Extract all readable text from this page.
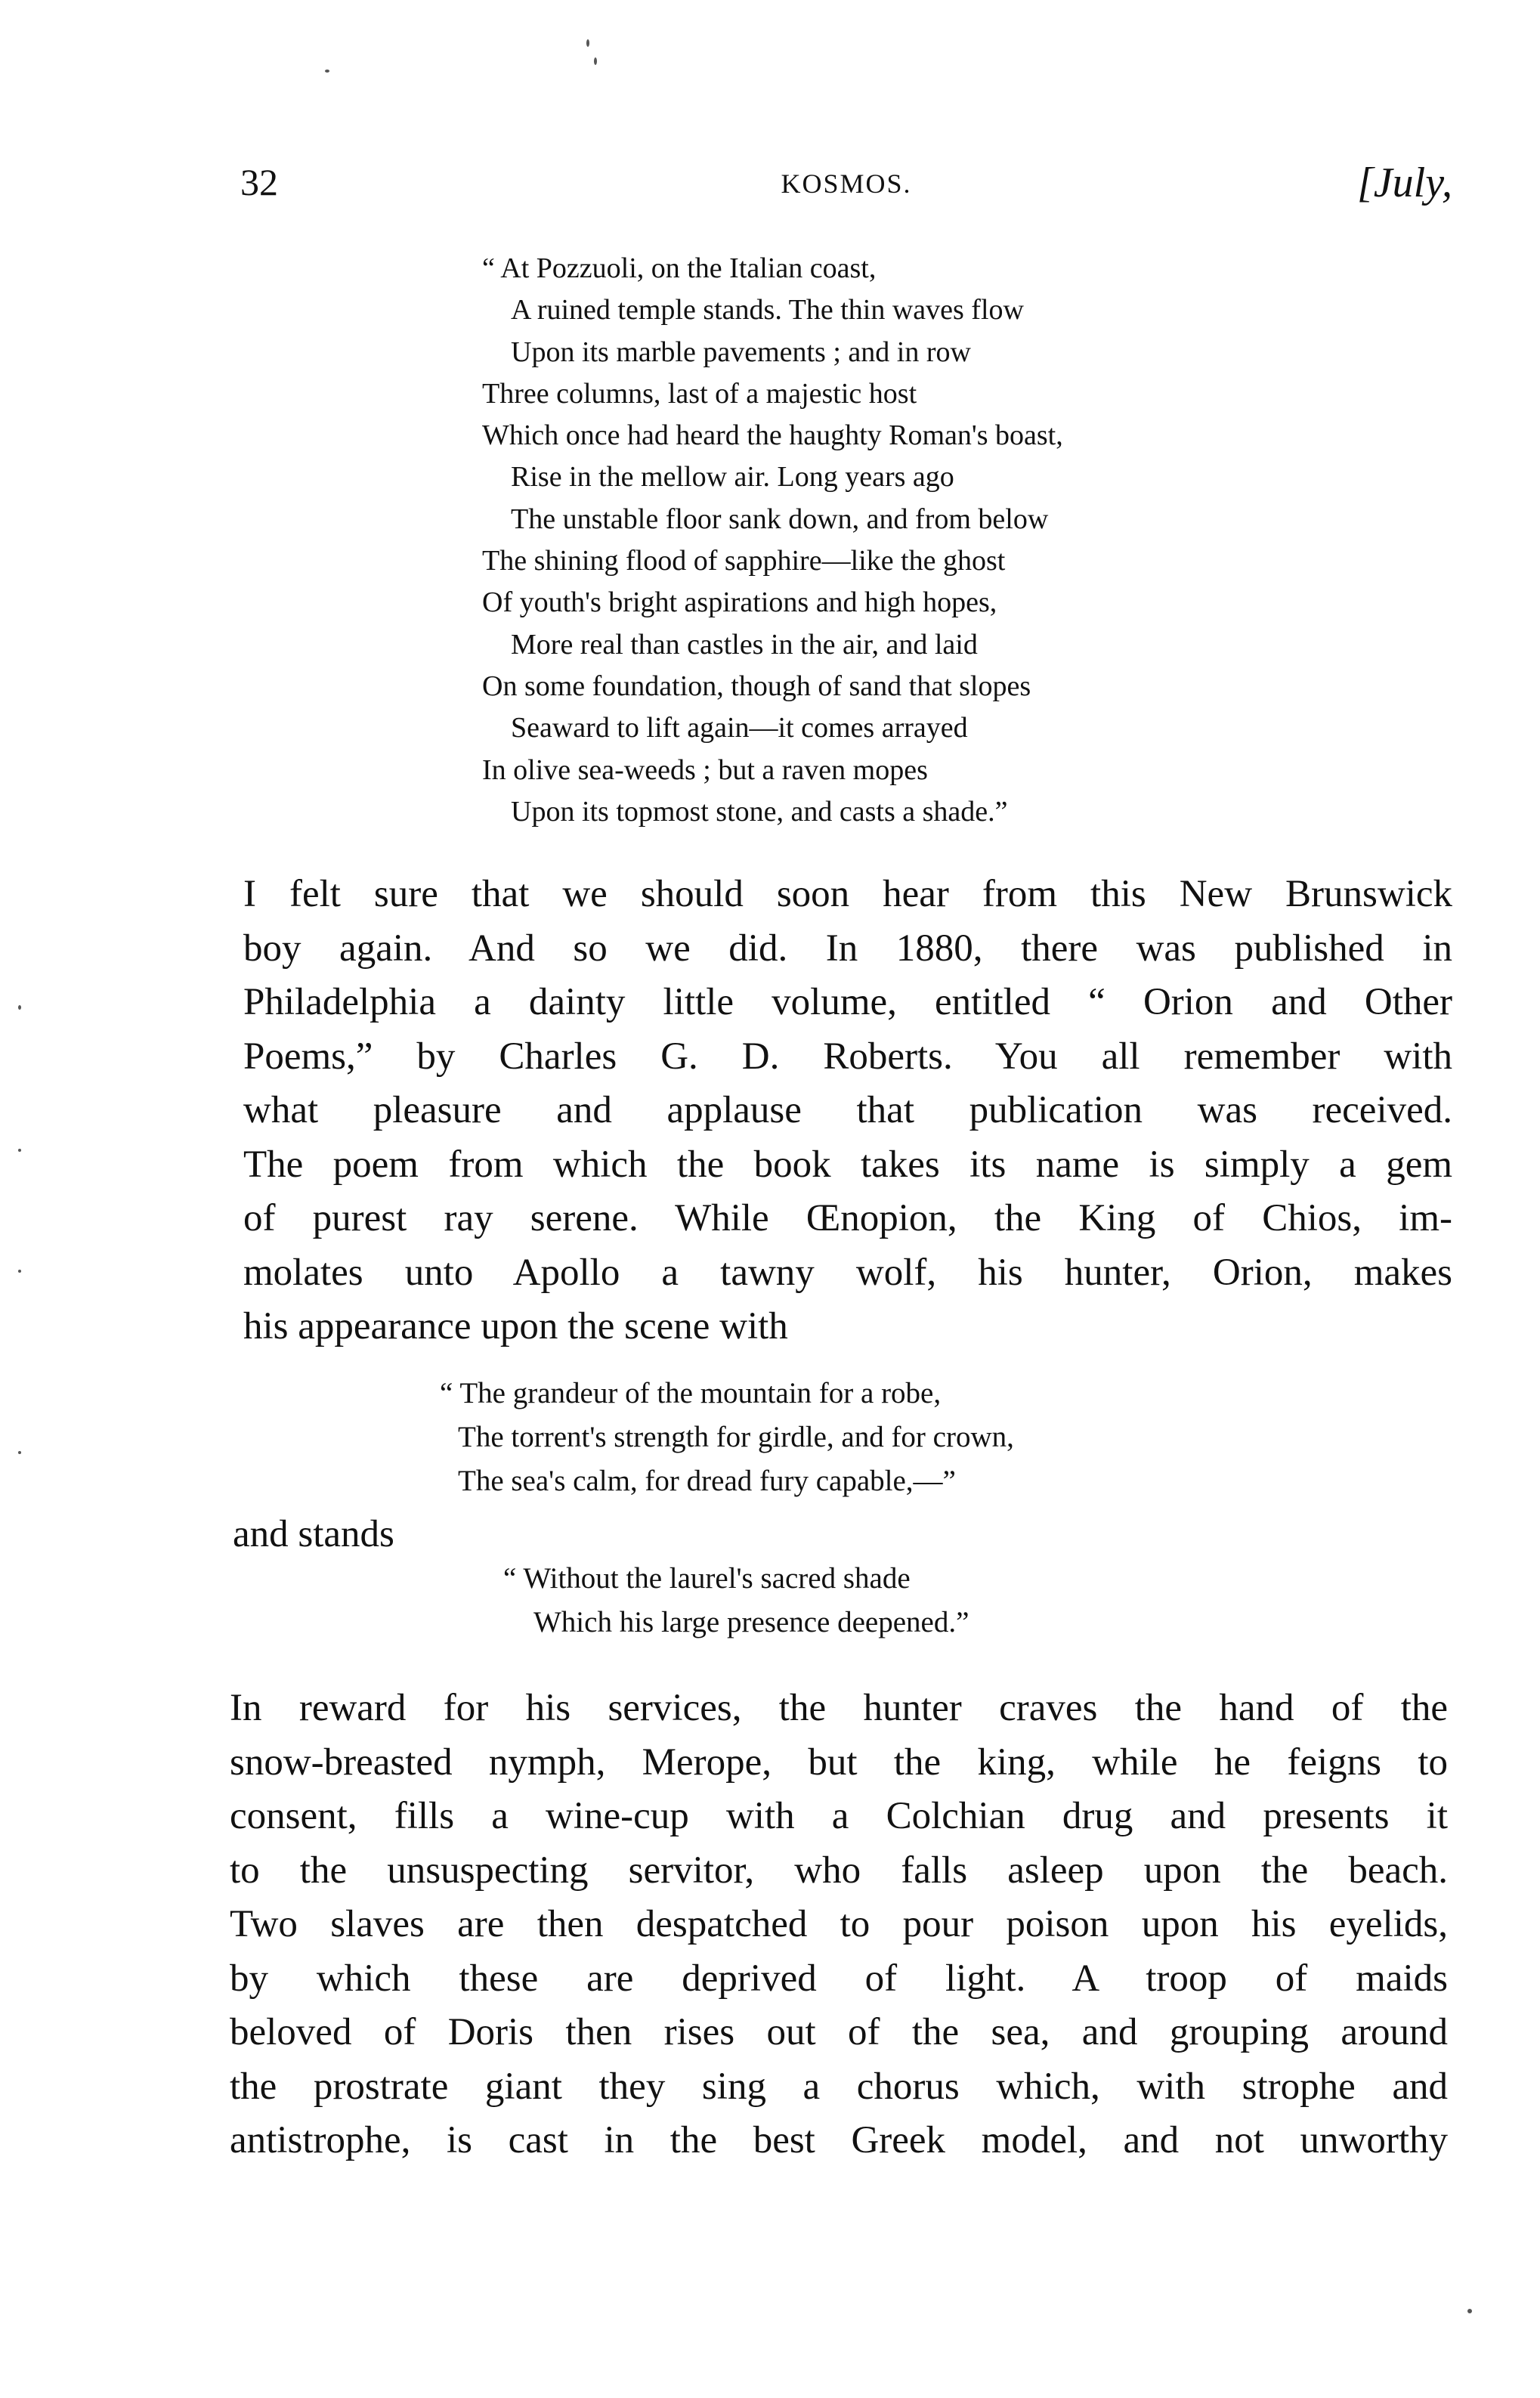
32	KOSMOS.	[July,
“ At Pozzuoli, on the Italian coast,
A ruined temple stands. The thin waves flow
Upon its marble pavements ; and in row
Three columns, last of a majestic host
Which once had heard the haughty Roman's boast,
Rise in the mellow air. Long years ago
The unstable floor sank down, and from below
The shining flood of sapphire—like the ghost
Of youth's bright aspirations and high hopes,
More real than castles in the air, and laid
On some foundation, though of sand that slopes
Seaward to lift again—it comes arrayed
In olive sea-weeds ; but a raven mopes
Upon its topmost stone, and casts a shade.”
I felt sure that we should soon hear from this New Brunswick
boy again. And so we did. In 1880, there was published in
Philadelphia a dainty little volume, entitled “ Orion and Other
Poems,” by Charles G. D. Roberts. You all remember with
what pleasure and applause that publication was received.
The poem from which the book takes its name is simply a gem
of purest ray serene. While Œnopion, the King of Chios, im-
molates unto Apollo a tawny wolf, his hunter, Orion, makes
his appearance upon the scene with
“ The grandeur of the mountain for a robe,
The torrent's strength for girdle, and for crown,
The sea's calm, for dread fury capable,—”
and stands
“ Without the laurel's sacred shade
Which his large presence deepened.”
In reward for his services, the hunter craves the hand of the
snow-breasted nymph, Merope, but the king, while he feigns to
consent, fills a wine-cup with a Colchian drug and presents it
to the unsuspecting servitor, who falls asleep upon the beach.
Two slaves are then despatched to pour poison upon his eyelids,
by which these are deprived of light. A troop of maids
beloved of Doris then rises out of the sea, and grouping around
the prostrate giant they sing a chorus which, with strophe and
antistrophe, is cast in the best Greek model, and not unworthy
